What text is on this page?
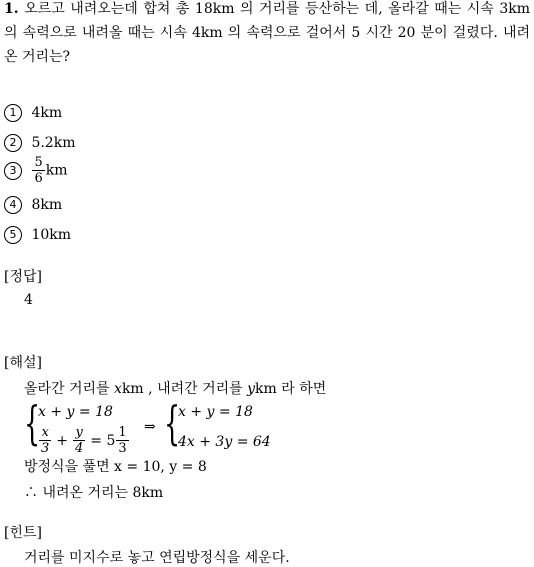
1. 오르고 내려오는데 합쳐 총 18km 의 거리를 등산하는 데, 올라갈 때는 시속 3km 의 속력으로 내려올 때는 시속 4km 의 속력으로 걸어서 5 시간 20 분이 걸렸다. 내려온 거리는?
1 4km
2 5.2km
$3 \frac{5}{6}$ km
4 8km
5 10km
[정답]
4
[해설]
올라간 거리를 xkm , 내려간 거리를 ykm 라 하면
{
x + y = 18
$\frac{x}{3} + \frac{y}{4} = 5 \frac{1}{3}$ ⇒ {
x + y = 18
4x + 3y = 64
방정식을 풀면 x = 10, y = 8
∴ 내려온 거리는 8km
[힌트]
거리를 미지수로 놓고 연립방정식을 세운다.
